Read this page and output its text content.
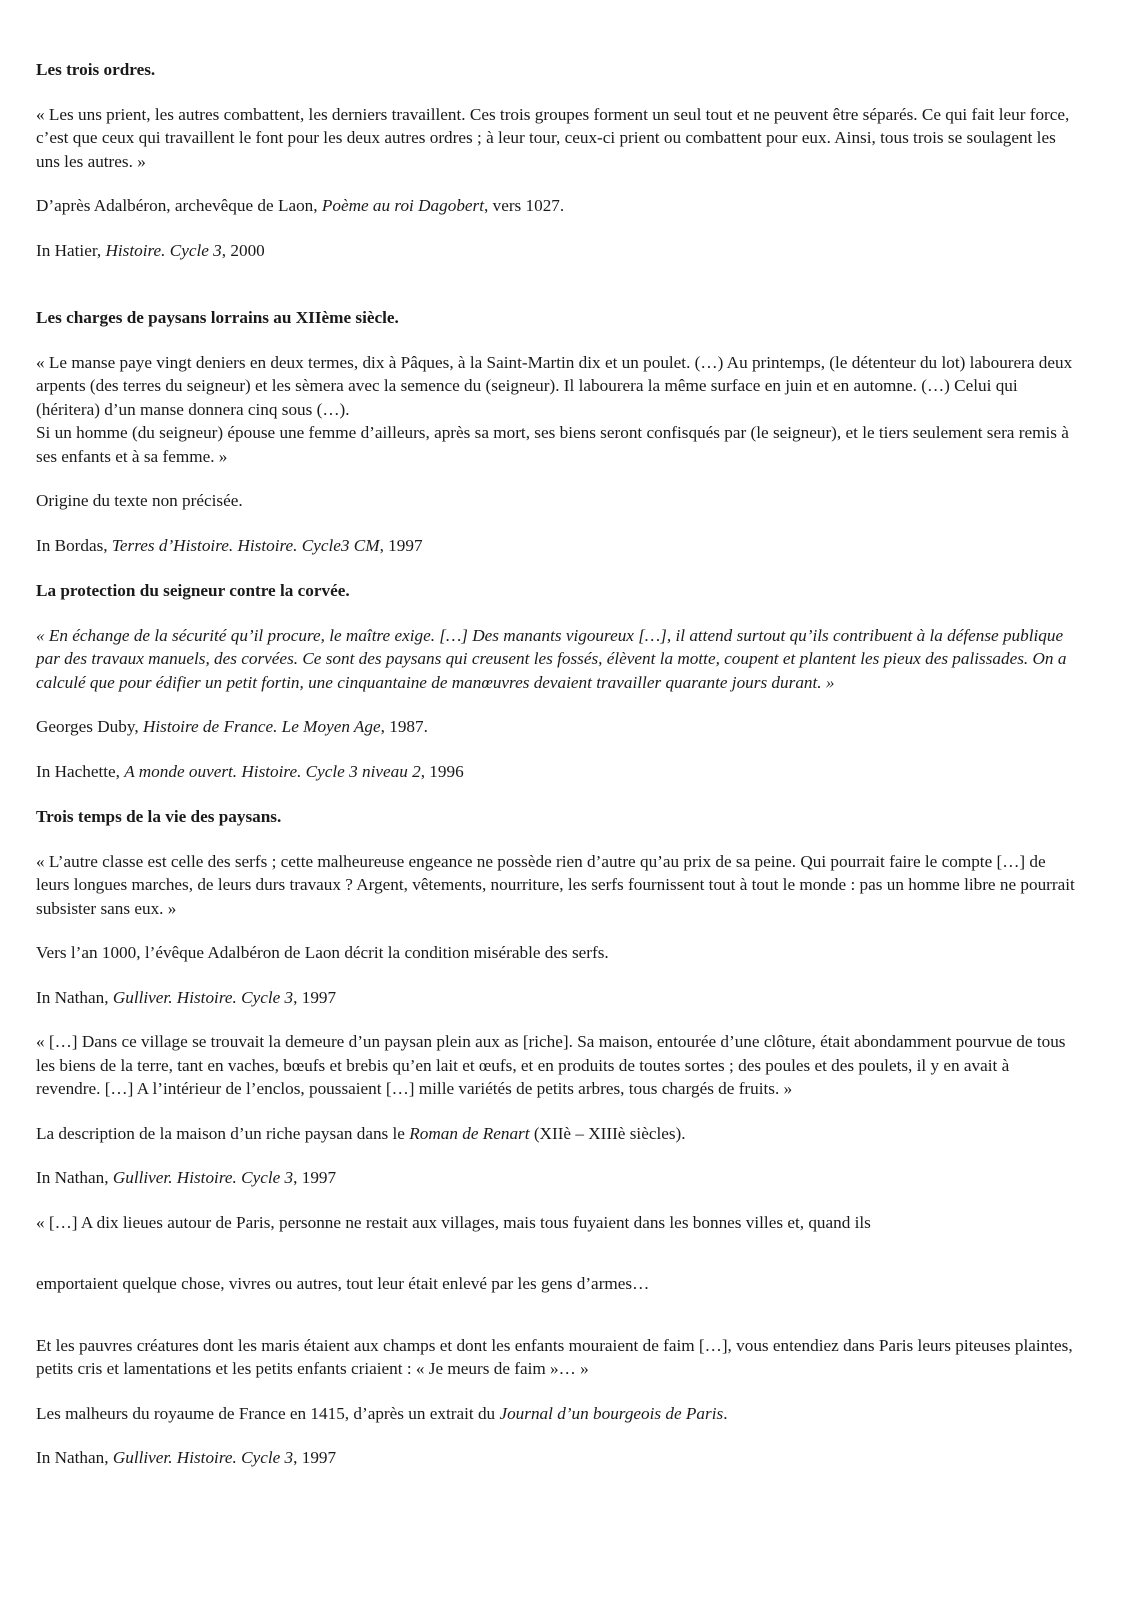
Les trois ordres.

« Les uns prient, les autres combattent, les derniers travaillent. Ces trois groupes forment un seul tout et ne peuvent être séparés. Ce qui fait leur force, c’est que ceux qui travaillent le font pour les deux autres ordres ; à leur tour, ceux-ci prient ou combattent pour eux. Ainsi, tous trois se soulagent les uns les autres. »

D’après Adalbéron, archevêque de Laon, Poème au roi Dagobert, vers 1027.

In Hatier, Histoire. Cycle 3, 2000

Les charges de paysans lorrains au XIIème siècle.

« Le manse paye vingt deniers en deux termes, dix à Pâques, à la Saint-Martin dix et un poulet. (…) Au printemps, (le détenteur du lot) labourera deux arpents (des terres du seigneur) et les sèmera avec la semence du (seigneur). Il labourera la même surface en juin et en automne. (…) Celui qui (héritera) d’un manse donnera cinq sous (…).
Si un homme (du seigneur) épouse une femme d’ailleurs, après sa mort, ses biens seront confisqués par (le seigneur), et le tiers seulement sera remis à ses enfants et à sa femme. »

Origine du texte non précisée.

In Bordas, Terres d’Histoire. Histoire. Cycle3 CM, 1997

La protection du seigneur contre la corvée.

« En échange de la sécurité qu’il procure, le maître exige. […] Des manants vigoureux […], il attend surtout qu’ils contribuent à la défense publique par des travaux manuels, des corvées. Ce sont des paysans qui creusent les fossés, élèvent la motte, coupent et plantent les pieux des palissades. On a calculé que pour édifier un petit fortin, une cinquantaine de manœuvres devaient travailler quarante jours durant. »

Georges Duby, Histoire de France. Le Moyen Age, 1987.

In Hachette, A monde ouvert. Histoire. Cycle 3 niveau 2, 1996

Trois temps de la vie des paysans.

« L’autre classe est celle des serfs ; cette malheureuse engeance ne possède rien d’autre qu’au prix de sa peine. Qui pourrait faire le compte […] de leurs longues marches, de leurs durs travaux ? Argent, vêtements, nourriture, les serfs fournissent tout à tout le monde : pas un homme libre ne pourrait subsister sans eux. »

Vers l’an 1000, l’évêque Adalbéron de Laon décrit la condition misérable des serfs.

In Nathan, Gulliver. Histoire. Cycle 3, 1997

« […] Dans ce village se trouvait la demeure d’un paysan plein aux as [riche]. Sa maison, entourée d’une clôture, était abondamment pourvue de tous les biens de la terre, tant en vaches, bœufs et brebis qu’en lait et œufs, et en produits de toutes sortes ; des poules et des poulets, il y en avait à revendre. […] A l’intérieur de l’enclos, poussaient […] mille variétés de petits arbres, tous chargés de fruits. »

La description de la maison d’un riche paysan dans le Roman de Renart (XIIè – XIIIè siècles).

In Nathan, Gulliver. Histoire. Cycle 3, 1997

« […] A dix lieues autour de Paris, personne ne restait aux villages, mais tous fuyaient dans les bonnes villes et, quand ils

emportaient quelque chose, vivres ou autres, tout leur était enlevé par les gens d’armes…

Et les pauvres créatures dont les maris étaient aux champs et dont les enfants mouraient de faim […], vous entendiez dans Paris leurs piteuses plaintes, petits cris et lamentations et les petits enfants criaient : « Je meurs de faim »… »

Les malheurs du royaume de France en 1415, d’après un extrait du Journal d’un bourgeois de Paris.

In Nathan, Gulliver. Histoire. Cycle 3, 1997
